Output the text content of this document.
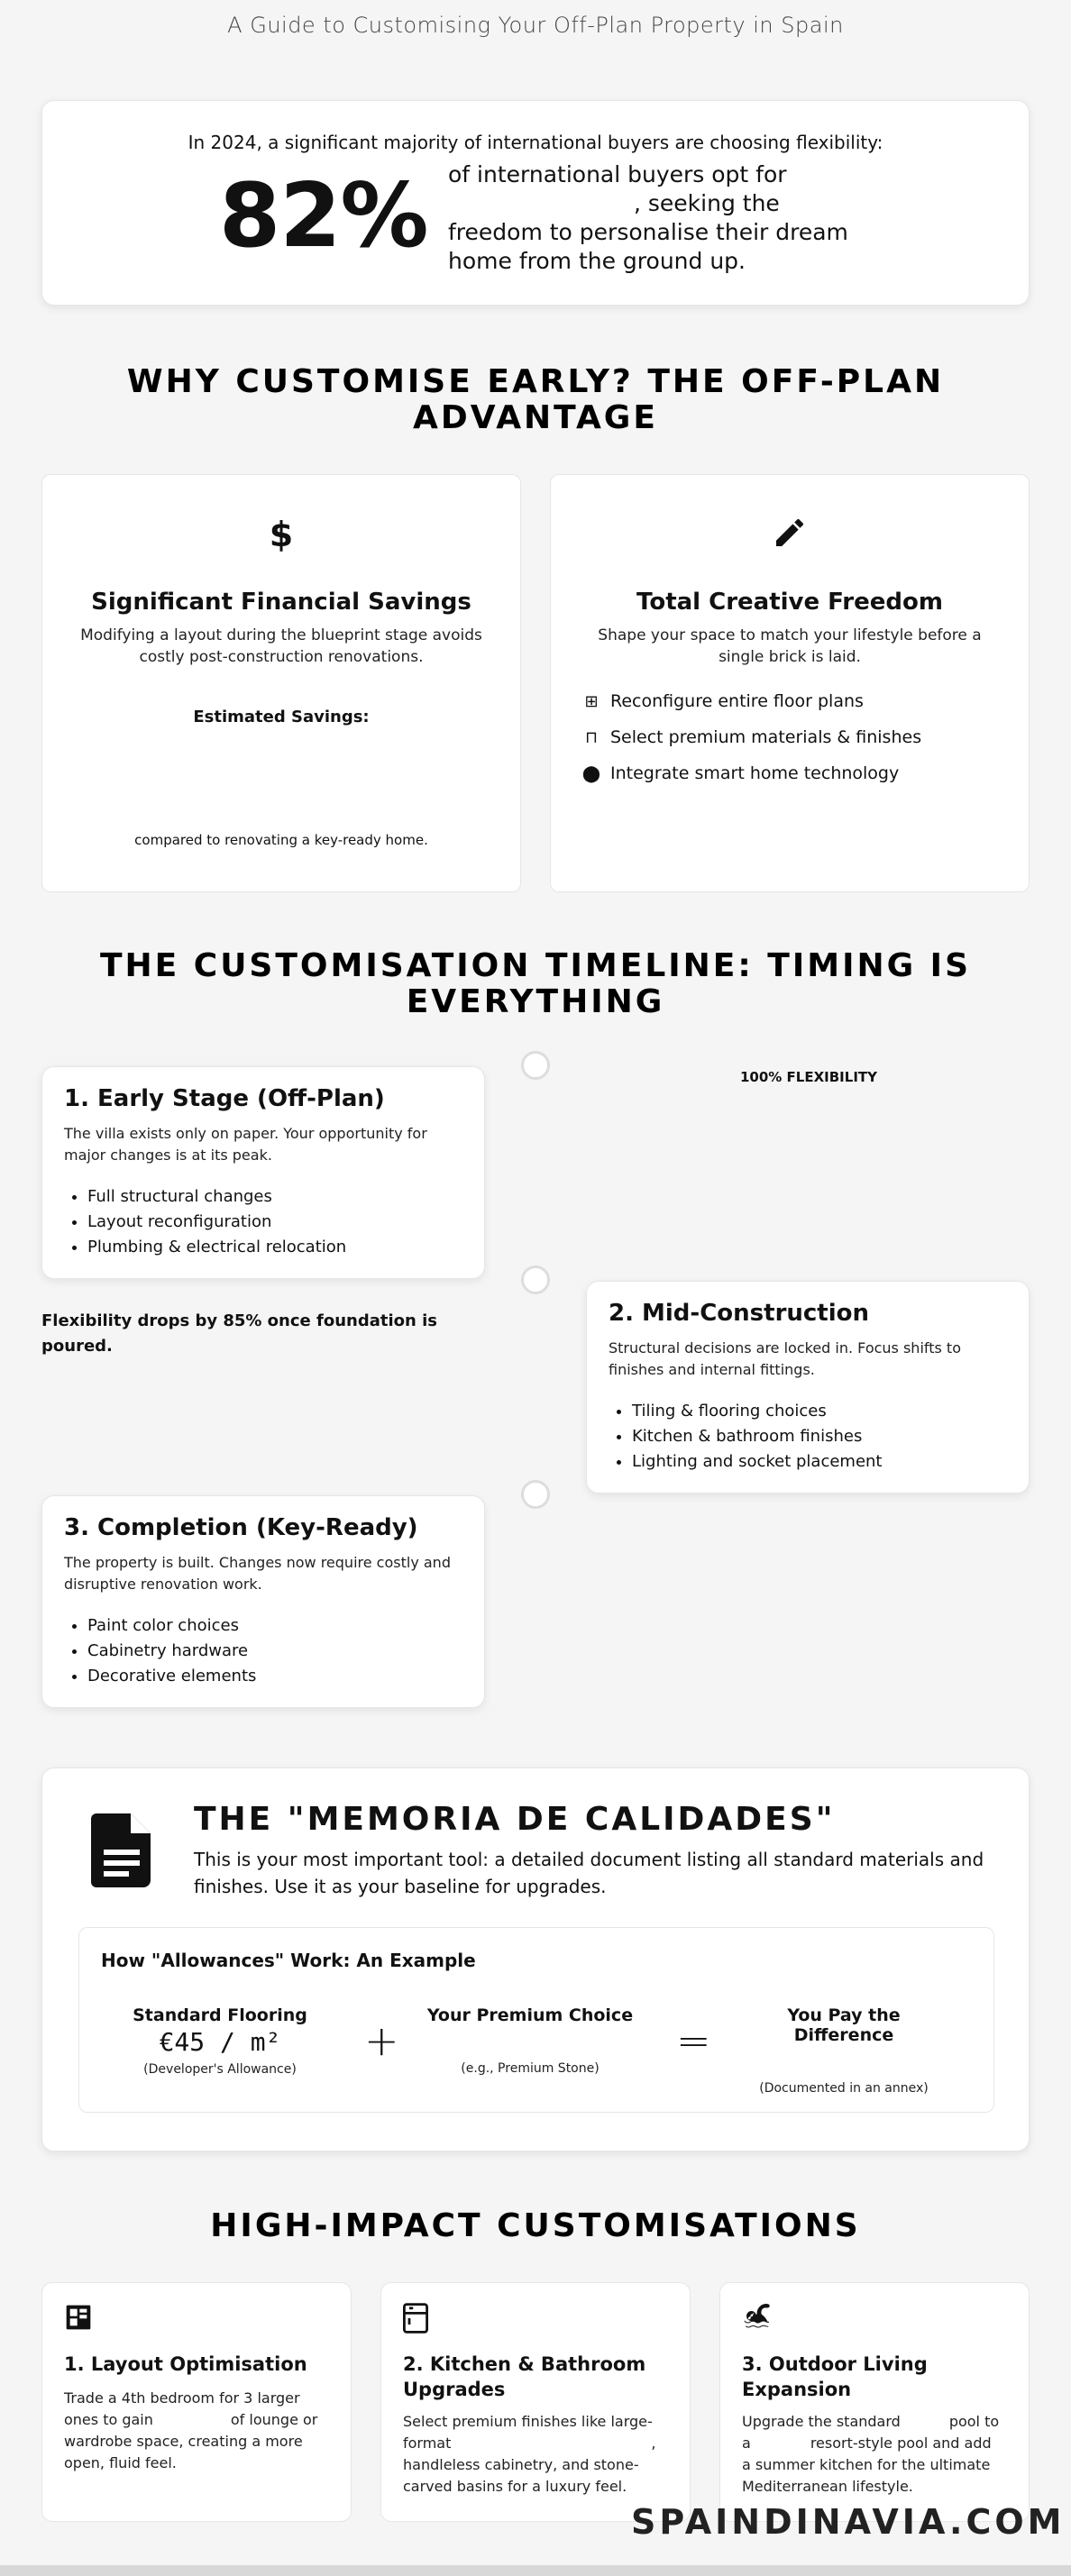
A Guide to Customising Your Off-Plan Property in Spain
In 2024, a significant majority of international buyers are choosing flexibility:
82% of international buyers opt for
, seeking the
freedom to personalise their dream
home from the ground up.
WHY CUSTOMISE EARLY? THE OFF-PLAN ADVANTAGE
$
Significant Financial Savings
Modifying a layout during the blueprint stage avoids costly post-construction renovations.
Estimated Savings:
compared to renovating a key-ready home.
Total Creative Freedom
Shape your space to match your lifestyle before a single brick is laid.
⊞ Reconfigure entire floor plans
⊓ Select premium materials & finishes
⬤ Integrate smart home technology
THE CUSTOMISATION TIMELINE: TIMING IS EVERYTHING
100% FLEXIBILITY
1. Early Stage (Off-Plan)

The villa exists only on paper. Your opportunity for major changes is at its peak.

• Full structural changes
• Layout reconfiguration
• Plumbing & electrical relocation
Flexibility drops by 85% once foundation is poured.
2. Mid-Construction

Structural decisions are locked in. Focus shifts to finishes and internal fittings.

• Tiling & flooring choices
• Kitchen & bathroom finishes
• Lighting and socket placement
3. Completion (Key-Ready)

The property is built. Changes now require costly and disruptive renovation work.

• Paint color choices
• Cabinetry hardware
• Decorative elements
THE "MEMORIA DE CALIDADES"
This is your most important tool: a detailed document listing all standard materials and finishes. Use it as your baseline for upgrades.
How "Allowances" Work: An Example
Standard Flooring
€45 / m²
(Developer's Allowance)
+
Your Premium Choice
(e.g., Premium Stone)
=
You Pay the Difference
(Documented in an annex)
HIGH-IMPACT CUSTOMISATIONS
1. Layout Optimisation
Trade a 4th bedroom for 3 larger
ones to gain	of lounge or
wardrobe space, creating a more
open, fluid feel.
2. Kitchen & Bathroom
Upgrades
Select premium finishes like large-
format	,
handleless cabinetry, and stone-
carved basins for a luxury feel.
🏊︎
3. Outdoor Living
Expansion
Upgrade the standard	pool to
a	resort-style pool and add
a summer kitchen for the ultimate
Mediterranean lifestyle.
SPAINDINAVIA.COM
